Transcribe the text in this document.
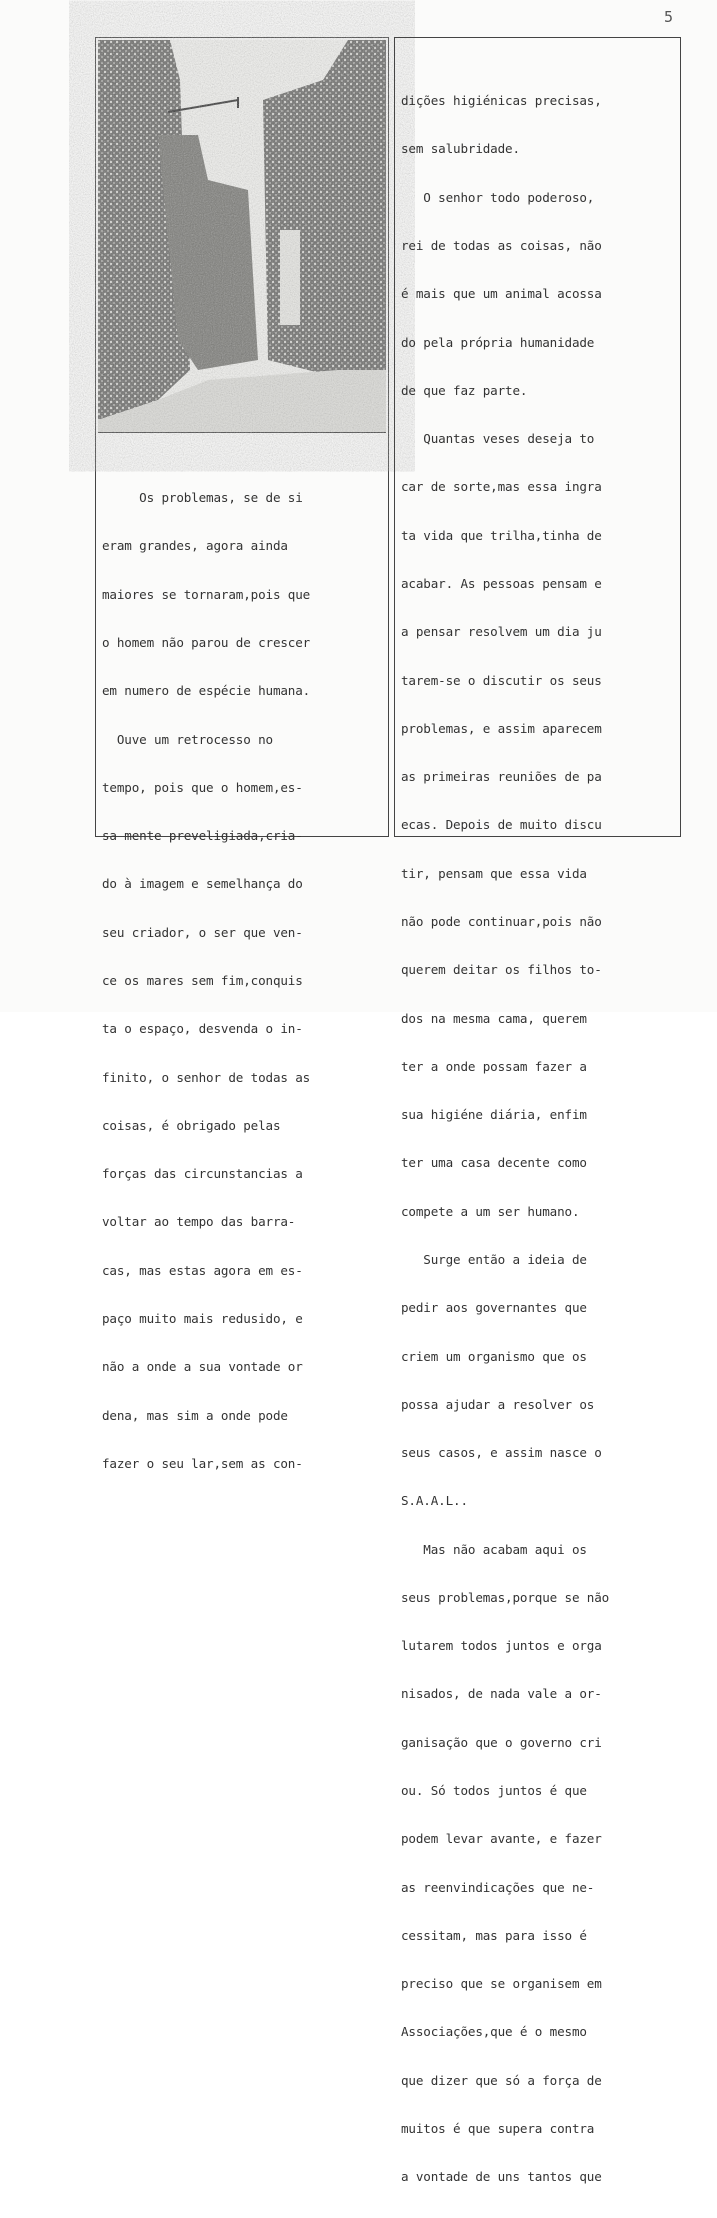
5

Os problemas, se de si

eram grandes, agora ainda

maiores se tornaram,pois que

o homem não parou de crescer

em numero de espécie humana.

Ouve um retrocesso no

tempo, pois que o homem,es-

sa mente preveligiada,cria-

do à imagem e semelhança do

seu criador, o ser que ven-

ce os mares sem fim,conquis

ta o espaço, desvenda o in-

finito, o senhor de todas as

coisas, é obrigado pelas

forças das circunstancias a

voltar ao tempo das barra-

cas, mas estas agora em es-

paço muito mais redusido, e

não a onde a sua vontade or

dena, mas sim a onde pode

fazer o seu lar,sem as con-

dições higiénicas precisas,

sem salubridade.

O senhor todo poderoso,

rei de todas as coisas, não

é mais que um animal acossa

do pela própria humanidade

de que faz parte.

Quantas veses deseja to

car de sorte,mas essa ingra

ta vida que trilha,tinha de

acabar. As pessoas pensam e

a pensar resolvem um dia ju

tarem-se o discutir os seus

problemas, e assim aparecem

as primeiras reuniões de pa

ecas. Depois de muito discu

tir, pensam que essa vida

não pode continuar,pois não

querem deitar os filhos to-

dos na mesma cama, querem

ter a onde possam fazer a

sua higiéne diária, enfim

ter uma casa decente como

compete a um ser humano.

Surge então a ideia de

pedir aos governantes que

criem um organismo que os

possa ajudar a resolver os

seus casos, e assim nasce o

S.A.A.L..

Mas não acabam aqui os

seus problemas,porque se não

lutarem todos juntos e orga

nisados, de nada vale a or-

ganisação que o governo cri

ou. Só todos juntos é que

podem levar avante, e fazer

as reenvindicações que ne-

cessitam, mas para isso é

preciso que se organisem em

Associações,que é o mesmo

que dizer que só a força de

muitos é que supera contra

a vontade de uns tantos que
